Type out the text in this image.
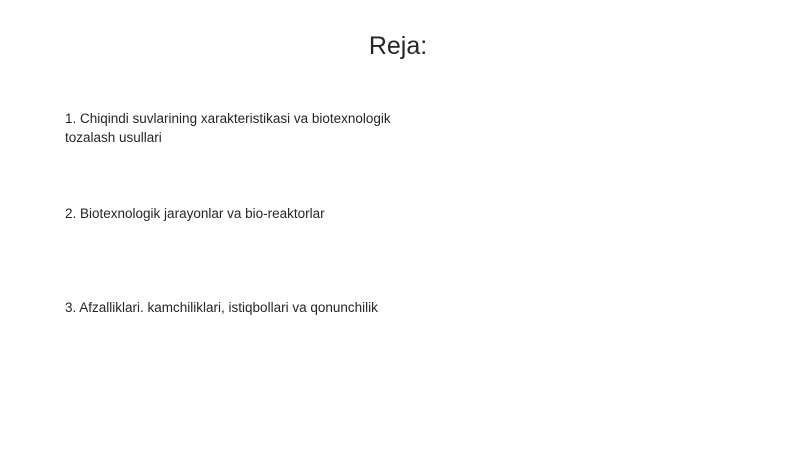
Reja:
1. Chiqindi suvlarining xarakteristikasi va biotexnologik tozalash usullari
2. Biotexnologik jarayonlar va bio-reaktorlar
3. Afzalliklari. kamchiliklari, istiqbollari va qonunchilik
